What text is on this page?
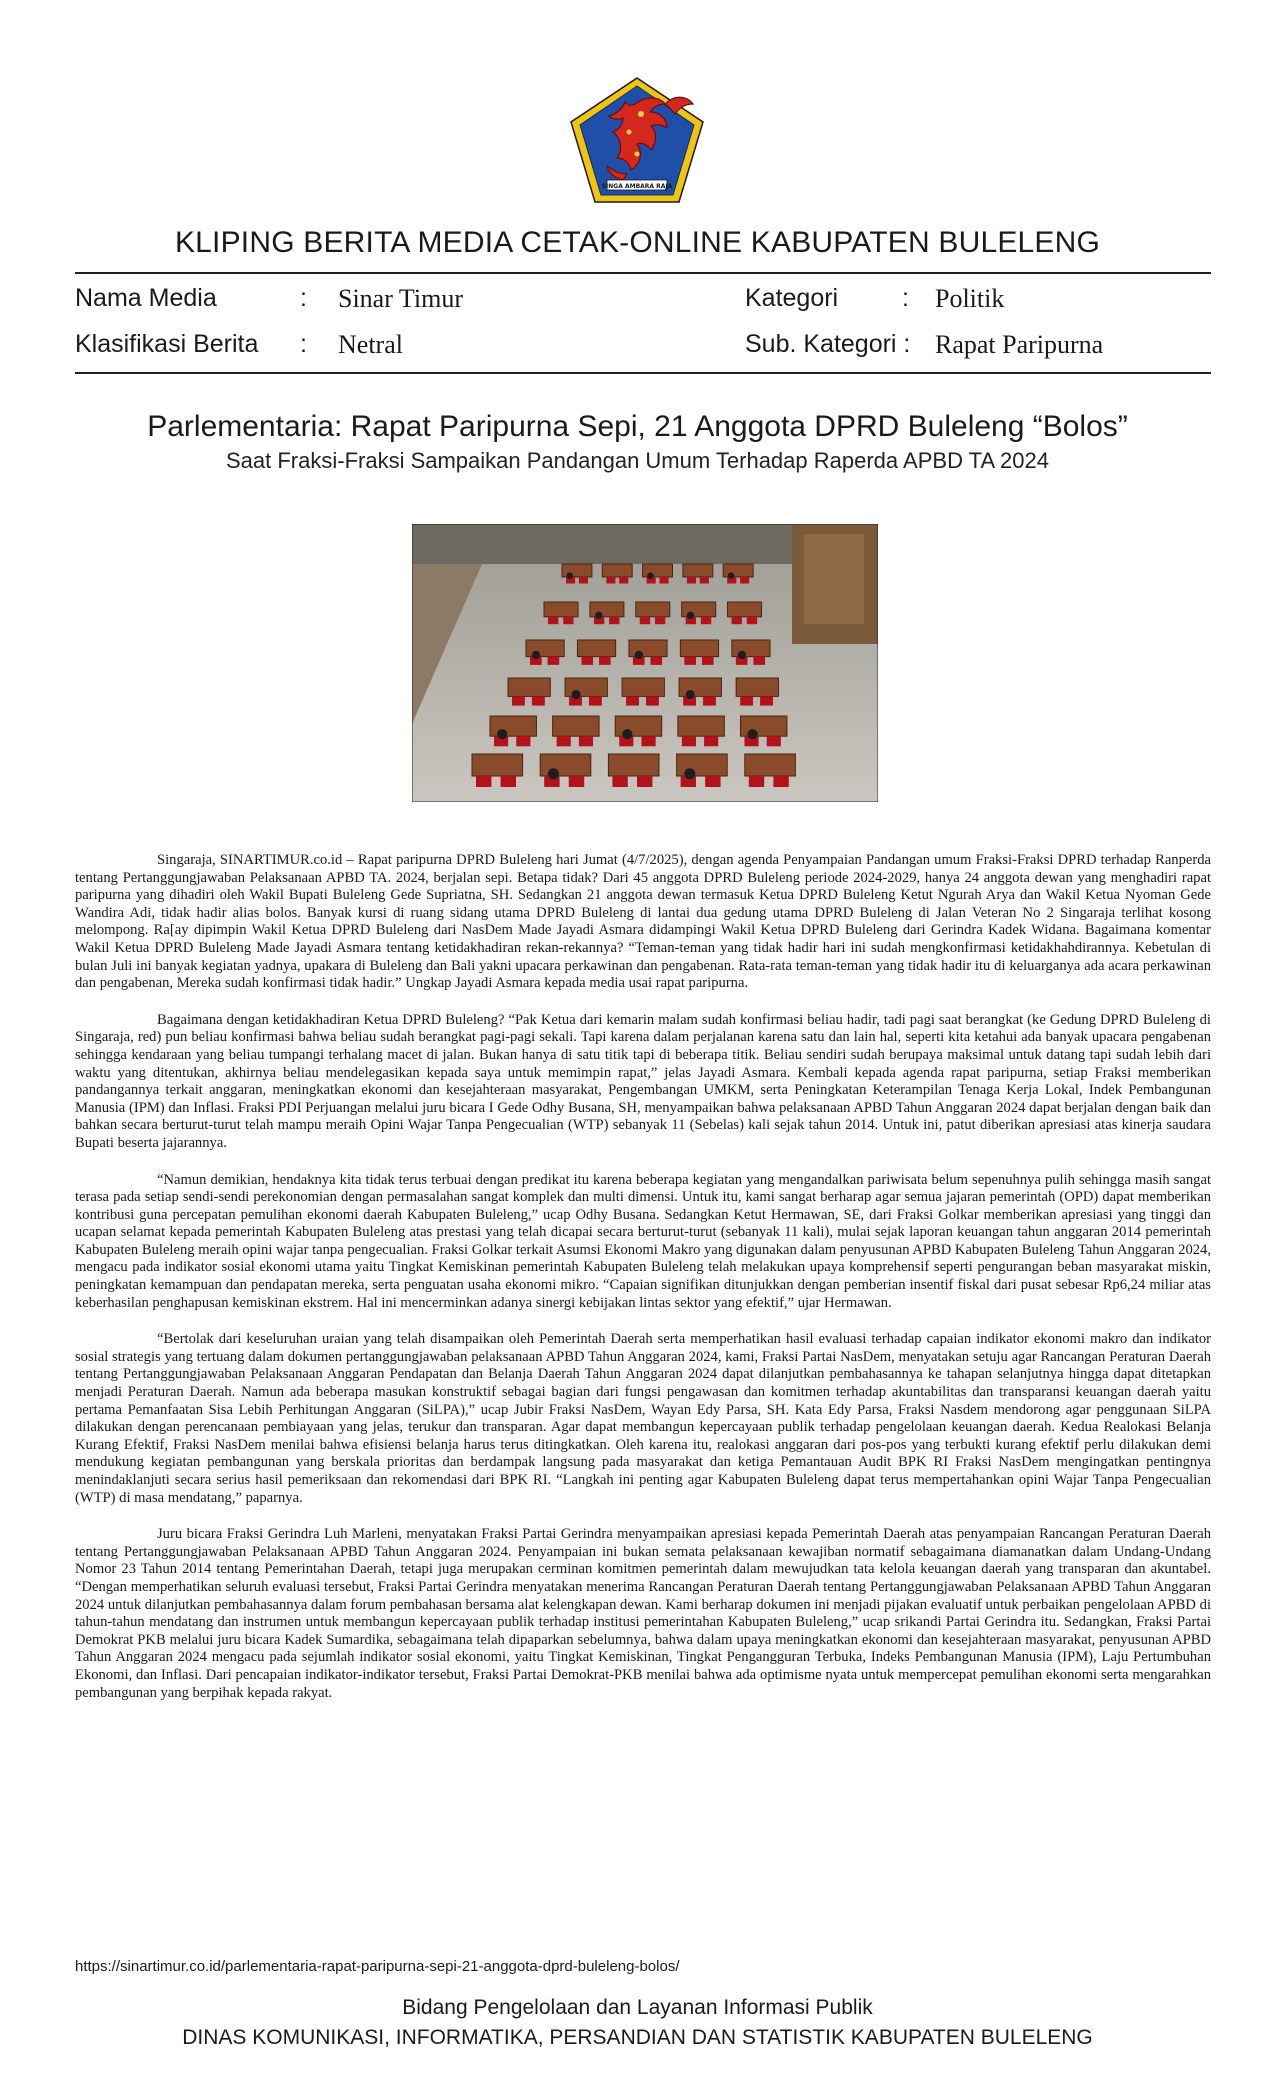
SINGA AMBARA RAJA
KLIPING BERITA MEDIA CETAK-ONLINE KABUPATEN BULELENG
Nama Media	: Sinar Timur	Kategori	: Politik
Klasifikasi Berita : Netral	Sub. Kategori : Rapat Paripurna
Parlementaria: Rapat Paripurna Sepi, 21 Anggota DPRD Buleleng “Bolos”
Saat Fraksi-Fraksi Sampaikan Pandangan Umum Terhadap Raperda APBD TA 2024

Singaraja, SINARTIMUR.co.id – Rapat paripurna DPRD Buleleng hari Jumat (4/7/2025), dengan agenda Penyampaian Pandangan umum Fraksi-Fraksi DPRD terhadap Ranperda tentang Pertanggungjawaban Pelaksanaan APBD TA. 2024, berjalan sepi. Betapa tidak? Dari 45 anggota DPRD Buleleng periode 2024-2029, hanya 24 anggota dewan yang menghadiri rapat paripurna yang dihadiri oleh Wakil Bupati Buleleng Gede Supriatna, SH. Sedangkan 21 anggota dewan termasuk Ketua DPRD Buleleng Ketut Ngurah Arya dan Wakil Ketua Nyoman Gede Wandira Adi, tidak hadir alias bolos. Banyak kursi di ruang sidang utama DPRD Buleleng di lantai dua gedung utama DPRD Buleleng di Jalan Veteran No 2 Singaraja terlihat kosong melompong. Ra[ay dipimpin Wakil Ketua DPRD Buleleng dari NasDem Made Jayadi Asmara didampingi Wakil Ketua DPRD Buleleng dari Gerindra Kadek Widana. Bagaimana komentar Wakil Ketua DPRD Buleleng Made Jayadi Asmara tentang ketidakhadiran rekan-rekannya? “Teman-teman yang tidak hadir hari ini sudah mengkonfirmasi ketidakhahdirannya. Kebetulan di bulan Juli ini banyak kegiatan yadnya, upakara di Buleleng dan Bali yakni upacara perkawinan dan pengabenan. Rata-rata teman-teman yang tidak hadir itu di keluarganya ada acara perkawinan dan pengabenan, Mereka sudah konfirmasi tidak hadir.” Ungkap Jayadi Asmara kepada media usai rapat paripurna.

Bagaimana dengan ketidakhadiran Ketua DPRD Buleleng? “Pak Ketua dari kemarin malam sudah konfirmasi beliau hadir, tadi pagi saat berangkat (ke Gedung DPRD Buleleng di Singaraja, red) pun beliau konfirmasi bahwa beliau sudah berangkat pagi-pagi sekali. Tapi karena dalam perjalanan karena satu dan lain hal, seperti kita ketahui ada banyak upacara pengabenan sehingga kendaraan yang beliau tumpangi terhalang macet di jalan. Bukan hanya di satu titik tapi di beberapa titik. Beliau sendiri sudah berupaya maksimal untuk datang tapi sudah lebih dari waktu yang ditentukan, akhirnya beliau mendelegasikan kepada saya untuk memimpin rapat,” jelas Jayadi Asmara. Kembali kepada agenda rapat paripurna, setiap Fraksi memberikan pandangannya terkait anggaran, meningkatkan ekonomi dan kesejahteraan masyarakat, Pengembangan UMKM, serta Peningkatan Keterampilan Tenaga Kerja Lokal, Indek Pembangunan Manusia (IPM) dan Inflasi. Fraksi PDI Perjuangan melalui juru bicara I Gede Odhy Busana, SH, menyampaikan bahwa pelaksanaan APBD Tahun Anggaran 2024 dapat berjalan dengan baik dan bahkan secara berturut-turut telah mampu meraih Opini Wajar Tanpa Pengecualian (WTP) sebanyak 11 (Sebelas) kali sejak tahun 2014. Untuk ini, patut diberikan apresiasi atas kinerja saudara Bupati beserta jajarannya.

“Namun demikian, hendaknya kita tidak terus terbuai dengan predikat itu karena beberapa kegiatan yang mengandalkan pariwisata belum sepenuhnya pulih sehingga masih sangat terasa pada setiap sendi-sendi perekonomian dengan permasalahan sangat komplek dan multi dimensi. Untuk itu, kami sangat berharap agar semua jajaran pemerintah (OPD) dapat memberikan kontribusi guna percepatan pemulihan ekonomi daerah Kabupaten Buleleng,” ucap Odhy Busana. Sedangkan Ketut Hermawan, SE, dari Fraksi Golkar memberikan apresiasi yang tinggi dan ucapan selamat kepada pemerintah Kabupaten Buleleng atas prestasi yang telah dicapai secara berturut-turut (sebanyak 11 kali), mulai sejak laporan keuangan tahun anggaran 2014 pemerintah Kabupaten Buleleng meraih opini wajar tanpa pengecualian. Fraksi Golkar terkait Asumsi Ekonomi Makro yang digunakan dalam penyusunan APBD Kabupaten Buleleng Tahun Anggaran 2024, mengacu pada indikator sosial ekonomi utama yaitu Tingkat Kemiskinan pemerintah Kabupaten Buleleng telah melakukan upaya komprehensif seperti pengurangan beban masyarakat miskin, peningkatan kemampuan dan pendapatan mereka, serta penguatan usaha ekonomi mikro. “Capaian signifikan ditunjukkan dengan pemberian insentif fiskal dari pusat sebesar Rp6,24 miliar atas keberhasilan penghapusan kemiskinan ekstrem. Hal ini mencerminkan adanya sinergi kebijakan lintas sektor yang efektif,” ujar Hermawan.

“Bertolak dari keseluruhan uraian yang telah disampaikan oleh Pemerintah Daerah serta memperhatikan hasil evaluasi terhadap capaian indikator ekonomi makro dan indikator sosial strategis yang tertuang dalam dokumen pertanggungjawaban pelaksanaan APBD Tahun Anggaran 2024, kami, Fraksi Partai NasDem, menyatakan setuju agar Rancangan Peraturan Daerah tentang Pertanggungjawaban Pelaksanaan Anggaran Pendapatan dan Belanja Daerah Tahun Anggaran 2024 dapat dilanjutkan pembahasannya ke tahapan selanjutnya hingga dapat ditetapkan menjadi Peraturan Daerah. Namun ada beberapa masukan konstruktif sebagai bagian dari fungsi pengawasan dan komitmen terhadap akuntabilitas dan transparansi keuangan daerah yaitu pertama Pemanfaatan Sisa Lebih Perhitungan Anggaran (SiLPA),” ucap Jubir Fraksi NasDem, Wayan Edy Parsa, SH. Kata Edy Parsa, Fraksi Nasdem mendorong agar penggunaan SiLPA dilakukan dengan perencanaan pembiayaan yang jelas, terukur dan transparan. Agar dapat membangun kepercayaan publik terhadap pengelolaan keuangan daerah. Kedua Realokasi Belanja Kurang Efektif, Fraksi NasDem menilai bahwa efisiensi belanja harus terus ditingkatkan. Oleh karena itu, realokasi anggaran dari pos-pos yang terbukti kurang efektif perlu dilakukan demi mendukung kegiatan pembangunan yang berskala prioritas dan berdampak langsung pada masyarakat dan ketiga Pemantauan Audit BPK RI Fraksi NasDem mengingatkan pentingnya menindaklanjuti secara serius hasil pemeriksaan dan rekomendasi dari BPK RI. “Langkah ini penting agar Kabupaten Buleleng dapat terus mempertahankan opini Wajar Tanpa Pengecualian (WTP) di masa mendatang,” paparnya.

Juru bicara Fraksi Gerindra Luh Marleni, menyatakan Fraksi Partai Gerindra menyampaikan apresiasi kepada Pemerintah Daerah atas penyampaian Rancangan Peraturan Daerah tentang Pertanggungjawaban Pelaksanaan APBD Tahun Anggaran 2024. Penyampaian ini bukan semata pelaksanaan kewajiban normatif sebagaimana diamanatkan dalam Undang-Undang Nomor 23 Tahun 2014 tentang Pemerintahan Daerah, tetapi juga merupakan cerminan komitmen pemerintah dalam mewujudkan tata kelola keuangan daerah yang transparan dan akuntabel. “Dengan memperhatikan seluruh evaluasi tersebut, Fraksi Partai Gerindra menyatakan menerima Rancangan Peraturan Daerah tentang Pertanggungjawaban Pelaksanaan APBD Tahun Anggaran 2024 untuk dilanjutkan pembahasannya dalam forum pembahasan bersama alat kelengkapan dewan. Kami berharap dokumen ini menjadi pijakan evaluatif untuk perbaikan pengelolaan APBD di tahun-tahun mendatang dan instrumen untuk membangun kepercayaan publik terhadap institusi pemerintahan Kabupaten Buleleng,” ucap srikandi Partai Gerindra itu. Sedangkan, Fraksi Partai Demokrat PKB melalui juru bicara Kadek Sumardika, sebagaimana telah dipaparkan sebelumnya, bahwa dalam upaya meningkatkan ekonomi dan kesejahteraan masyarakat, penyusunan APBD Tahun Anggaran 2024 mengacu pada sejumlah indikator sosial ekonomi, yaitu Tingkat Kemiskinan, Tingkat Pengangguran Terbuka, Indeks Pembangunan Manusia (IPM), Laju Pertumbuhan Ekonomi, dan Inflasi. Dari pencapaian indikator-indikator tersebut, Fraksi Partai Demokrat-PKB menilai bahwa ada optimisme nyata untuk mempercepat pemulihan ekonomi serta mengarahkan pembangunan yang berpihak kepada rakyat.

https://sinartimur.co.id/parlementaria-rapat-paripurna-sepi-21-anggota-dprd-buleleng-bolos/
Bidang Pengelolaan dan Layanan Informasi Publik
DINAS KOMUNIKASI, INFORMATIKA, PERSANDIAN DAN STATISTIK KABUPATEN BULELENG
